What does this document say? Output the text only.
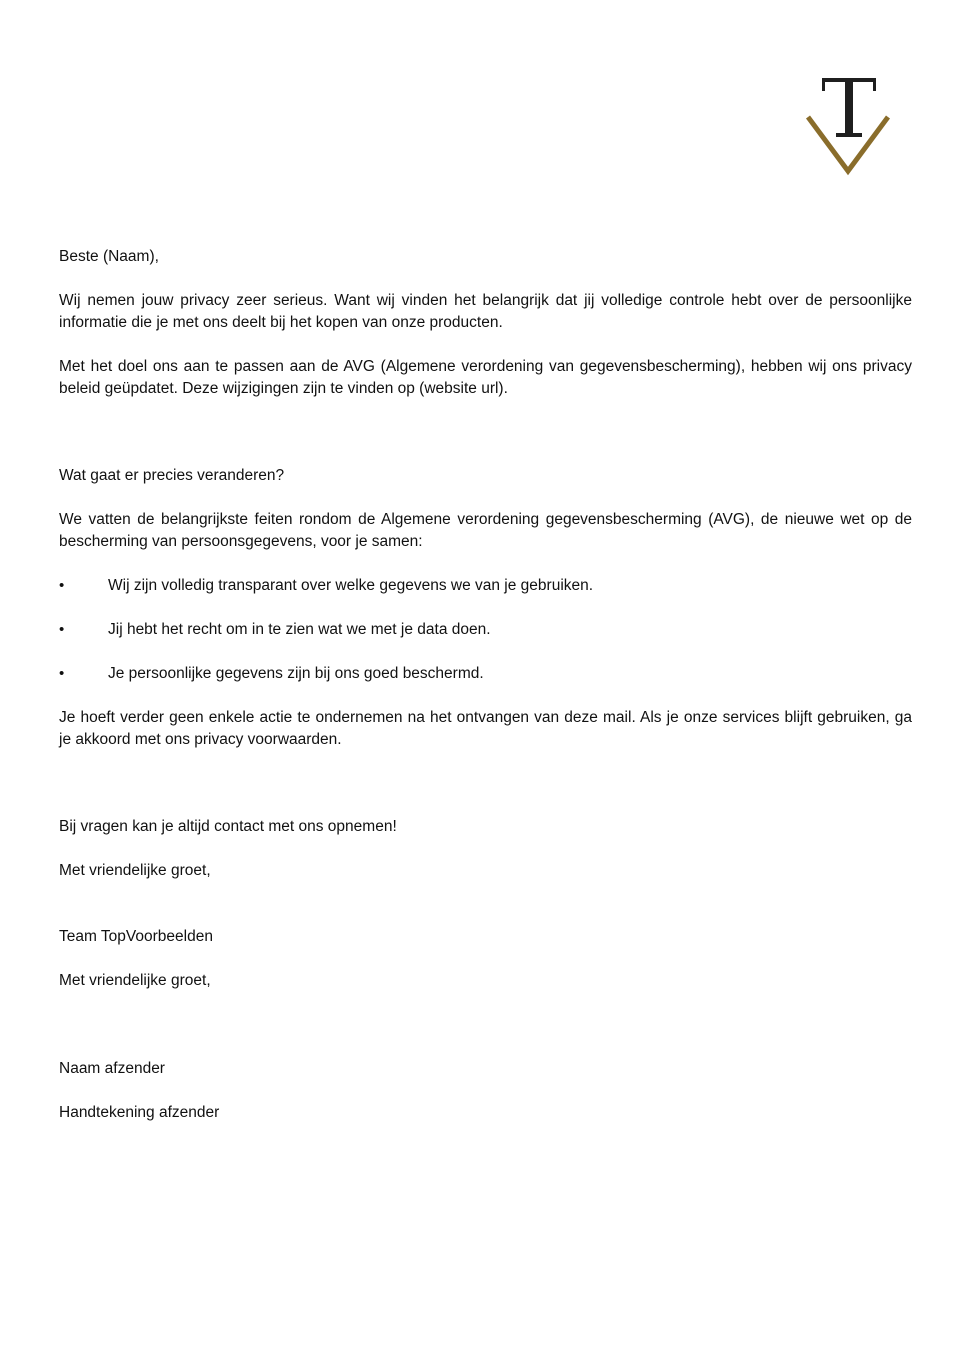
Beste (Naam),

Wij nemen jouw privacy zeer serieus. Want wij vinden het belangrijk dat jij volledige controle hebt over de persoonlijke informatie die je met ons deelt bij het kopen van onze producten.

Met het doel ons aan te passen aan de AVG (Algemene verordening van gegevensbescherming), hebben wij ons privacy beleid geüpdatet. Deze wijzigingen zijn te vinden op (website url).

Wat gaat er precies veranderen?

We vatten de belangrijkste feiten rondom de Algemene verordening gegevensbescherming (AVG), de nieuwe wet op de bescherming van persoonsgegevens, voor je samen:

• Wij zijn volledig transparant over welke gegevens we van je gebruiken.
• Jij hebt het recht om in te zien wat we met je data doen.
• Je persoonlijke gegevens zijn bij ons goed beschermd.

Je hoeft verder geen enkele actie te ondernemen na het ontvangen van deze mail. Als je onze services blijft gebruiken, ga je akkoord met ons privacy voorwaarden.

Bij vragen kan je altijd contact met ons opnemen!

Met vriendelijke groet,

Team TopVoorbeelden

Met vriendelijke groet,

Naam afzender

Handtekening afzender
